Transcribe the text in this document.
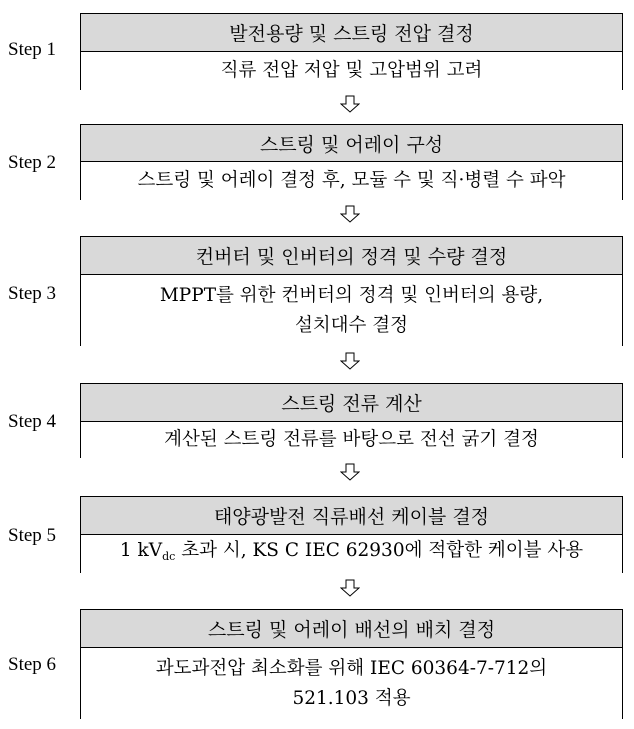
Step 1
발전용량 및 스트링 전압 결정
직류 전압 저압 및 고압범위 고려
Step 2
스트링 및 어레이 구성
스트링 및 어레이 결정 후, 모듈 수 및 직·병렬 수 파악
Step 3
컨버터 및 인버터의 정격 및 수량 결정
MPPT를 위한 컨버터의 정격 및 인버터의 용량,
설치대수 결정
Step 4
스트링 전류 계산
계산된 스트링 전류를 바탕으로 전선 굵기 결정
Step 5
태양광발전 직류배선 케이블 결정
1 $kV_{dc}$ 초과 시, KS C IEC 62930에 적합한 케이블 사용
Step 6
스트링 및 어레이 배선의 배치 결정
과도과전압 최소화를 위해 IEC 60364-7-712의
521.103 적용
